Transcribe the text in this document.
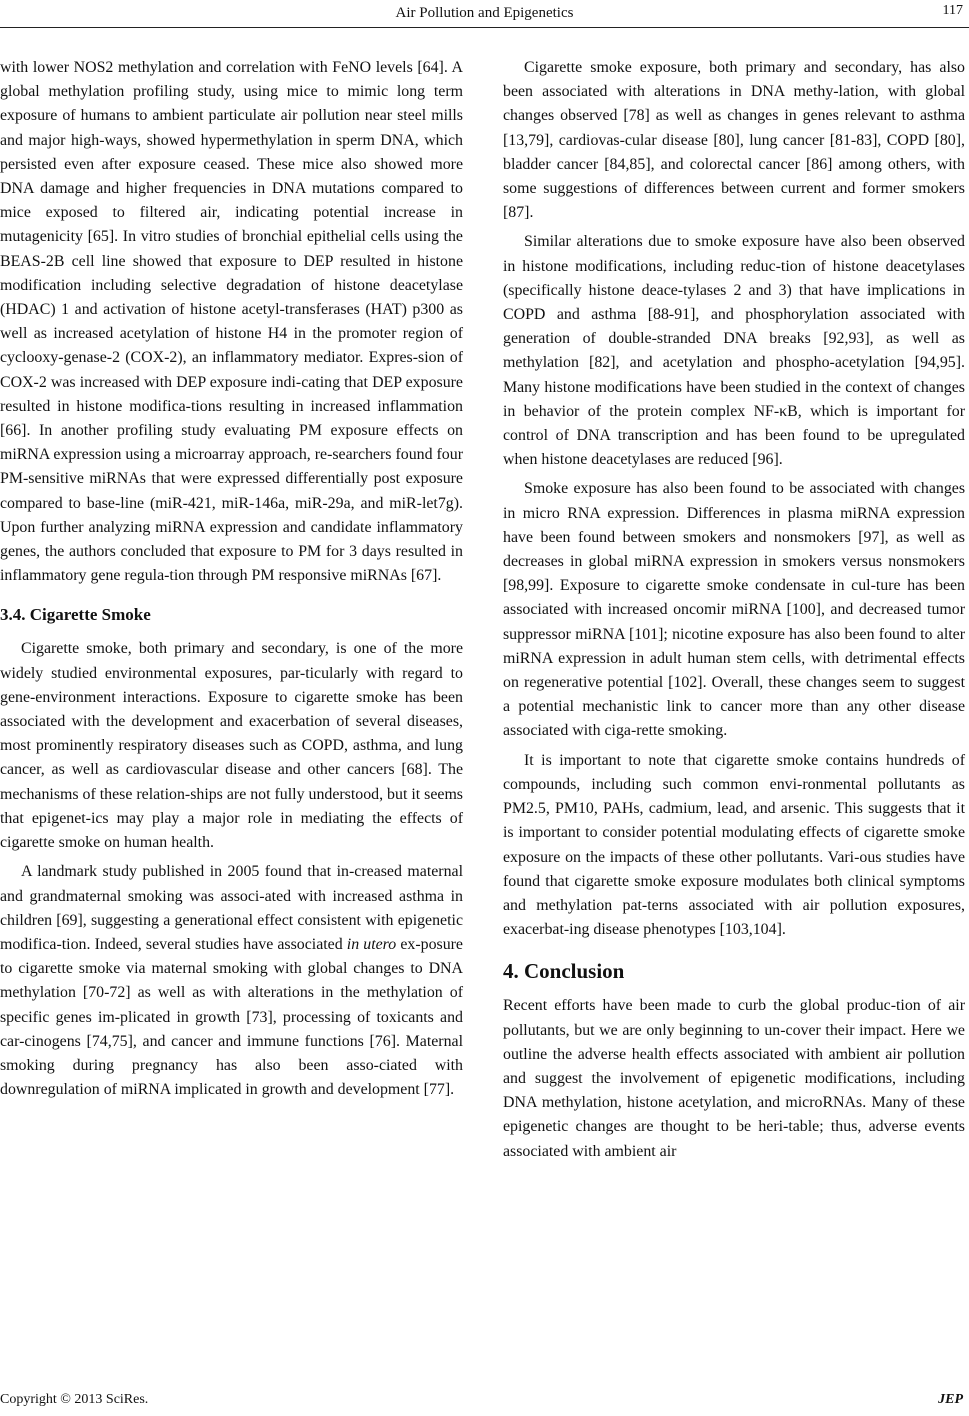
Air Pollution and Epigenetics	117

with lower NOS2 methylation and correlation with FeNO levels [64]. A global methylation profiling study, using mice to mimic long term exposure of humans to ambient particulate air pollution near steel mills and major high-ways, showed hypermethylation in sperm DNA, which persisted even after exposure ceased. These mice also showed more DNA damage and higher frequencies in DNA mutations compared to mice exposed to filtered air, indicating potential increase in mutagenicity [65]. In vitro studies of bronchial epithelial cells using the BEAS-2B cell line showed that exposure to DEP resulted in histone modification including selective degradation of histone deacetylase (HDAC) 1 and activation of histone acetyl-transferases (HAT) p300 as well as increased acetylation of histone H4 in the promoter region of cyclooxy-genase-2 (COX-2), an inflammatory mediator. Expres-sion of COX-2 was increased with DEP exposure indi-cating that DEP exposure resulted in histone modifica-tions resulting in increased inflammation [66]. In another profiling study evaluating PM exposure effects on miRNA expression using a microarray approach, re-searchers found four PM-sensitive miRNAs that were expressed differentially post exposure compared to base-line (miR-421, miR-146a, miR-29a, and miR-let7g). Upon further analyzing miRNA expression and candidate inflammatory genes, the authors concluded that exposure to PM for 3 days resulted in inflammatory gene regula-tion through PM responsive miRNAs [67].

3.4. Cigarette Smoke

Cigarette smoke, both primary and secondary, is one of the more widely studied environmental exposures, par-ticularly with regard to gene-environment interactions. Exposure to cigarette smoke has been associated with the development and exacerbation of several diseases, most prominently respiratory diseases such as COPD, asthma, and lung cancer, as well as cardiovascular disease and other cancers [68]. The mechanisms of these relation-ships are not fully understood, but it seems that epigenet-ics may play a major role in mediating the effects of cigarette smoke on human health.

A landmark study published in 2005 found that in-creased maternal and grandmaternal smoking was associ-ated with increased asthma in children [69], suggesting a generational effect consistent with epigenetic modifica-tion. Indeed, several studies have associated in utero ex-posure to cigarette smoke via maternal smoking with global changes to DNA methylation [70-72] as well as with alterations in the methylation of specific genes im-plicated in growth [73], processing of toxicants and car-cinogens [74,75], and cancer and immune functions [76]. Maternal smoking during pregnancy has also been asso-ciated with downregulation of miRNA implicated in growth and development [77].

Cigarette smoke exposure, both primary and secondary, has also been associated with alterations in DNA methy-lation, with global changes observed [78] as well as changes in genes relevant to asthma [13,79], cardiovas-cular disease [80], lung cancer [81-83], COPD [80], bladder cancer [84,85], and colorectal cancer [86] among others, with some suggestions of differences between current and former smokers [87].

Similar alterations due to smoke exposure have also been observed in histone modifications, including reduc-tion of histone deacetylases (specifically histone deace-tylases 2 and 3) that have implications in COPD and asthma [88-91], and phosphorylation associated with generation of double-stranded DNA breaks [92,93], as well as methylation [82], and acetylation and phospho-acetylation [94,95]. Many histone modifications have been studied in the context of changes in behavior of the protein complex NF-κB, which is important for control of DNA transcription and has been found to be upregulated when histone deacetylases are reduced [96].

Smoke exposure has also been found to be associated with changes in micro RNA expression. Differences in plasma miRNA expression have been found between smokers and nonsmokers [97], as well as decreases in global miRNA expression in smokers versus nonsmokers [98,99]. Exposure to cigarette smoke condensate in cul-ture has been associated with increased oncomir miRNA [100], and decreased tumor suppressor miRNA [101]; nicotine exposure has also been found to alter miRNA expression in adult human stem cells, with detrimental effects on regenerative potential [102]. Overall, these changes seem to suggest a potential mechanistic link to cancer more than any other disease associated with ciga-rette smoking.

It is important to note that cigarette smoke contains hundreds of compounds, including such common envi-ronmental pollutants as PM2.5, PM10, PAHs, cadmium, lead, and arsenic. This suggests that it is important to consider potential modulating effects of cigarette smoke exposure on the impacts of these other pollutants. Vari-ous studies have found that cigarette smoke exposure modulates both clinical symptoms and methylation pat-terns associated with air pollution exposures, exacerbat-ing disease phenotypes [103,104].

4. Conclusion

Recent efforts have been made to curb the global produc-tion of air pollutants, but we are only beginning to un-cover their impact. Here we outline the adverse health effects associated with ambient air pollution and suggest the involvement of epigenetic modifications, including DNA methylation, histone acetylation, and microRNAs. Many of these epigenetic changes are thought to be heri-table; thus, adverse events associated with ambient air

Copyright © 2013 SciRes.	JEP
